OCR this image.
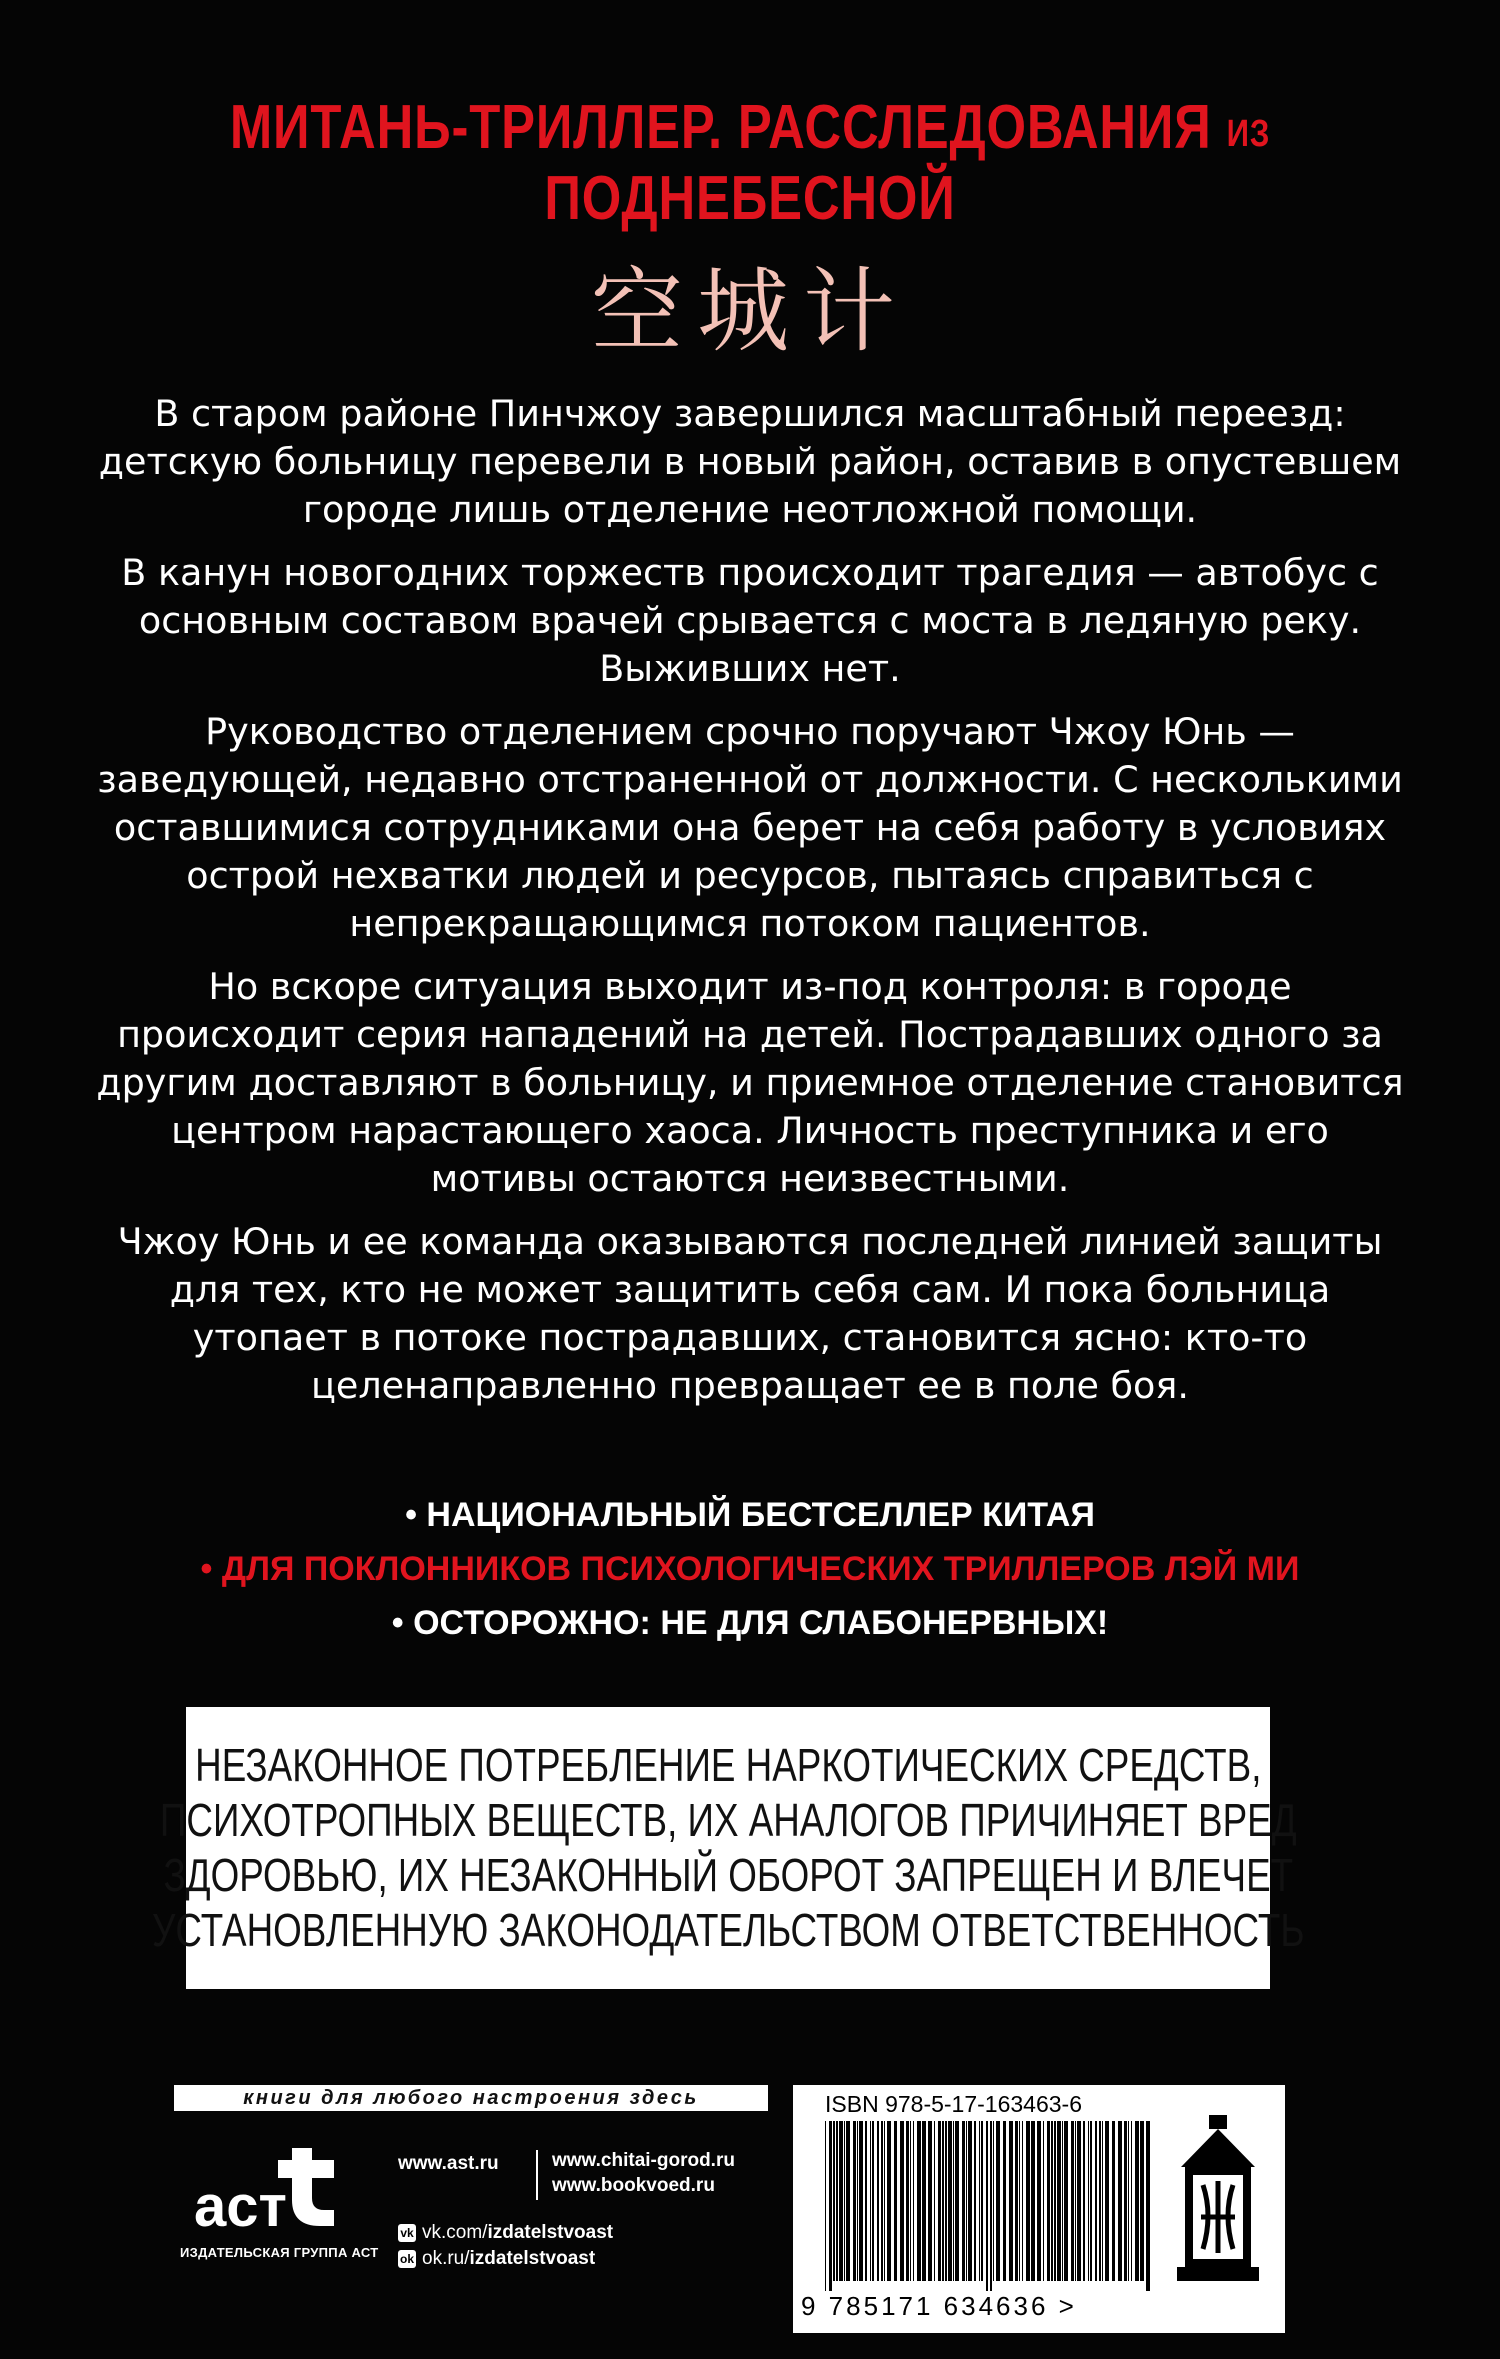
МИТАНЬ-ТРИЛЛЕР. РАССЛЕДОВАНИЯ ИЗ ПОДНЕБЕСНОЙ
空城计

В старом районе Пинчжоу завершился масштабный переезд: детскую больницу перевели в новый район, оставив в опустевшем городе лишь отделение неотложной помощи.

В канун новогодних торжеств происходит трагедия — автобус с основным составом врачей срывается с моста в ледяную реку. Выживших нет.

Руководство отделением срочно поручают Чжоу Юнь — заведующей, недавно отстраненной от должности. С несколькими оставшимися сотрудниками она берет на себя работу в условиях острой нехватки людей и ресурсов, пытаясь справиться с непрекращающимся потоком пациентов.

Но вскоре ситуация выходит из-под контроля: в городе происходит серия нападений на детей. Пострадавших одного за другим доставляют в больницу, и приемное отделение становится центром нарастающего хаоса. Личность преступника и его мотивы остаются неизвестными.

Чжоу Юнь и ее команда оказываются последней линией защиты для тех, кто не может защитить себя сам. И пока больница утопает в потоке пострадавших, становится ясно: кто-то целенаправленно превращает ее в поле боя.

• НАЦИОНАЛЬНЫЙ БЕСТСЕЛЛЕР КИТАЯ
• ДЛЯ ПОКЛОННИКОВ ПСИХОЛОГИЧЕСКИХ ТРИЛЛЕРОВ ЛЭЙ МИ
• ОСТОРОЖНО: НЕ ДЛЯ СЛАБОНЕРВНЫХ!
НЕЗАКОННОЕ ПОТРЕБЛЕНИЕ НАРКОТИЧЕСКИХ СРЕДСТВ,
ПСИХОТРОПНЫХ ВЕЩЕСТВ, ИХ АНАЛОГОВ ПРИЧИНЯЕТ ВРЕД
ЗДОРОВЬЮ, ИХ НЕЗАКОННЫЙ ОБОРОТ ЗАПРЕЩЕН И ВЛЕЧЕТ
УСТАНОВЛЕННУЮ ЗАКОНОДАТЕЛЬСТВОМ ОТВЕТСТВЕННОСТЬ
книги для любого настроения здесь
аст
ИЗДАТЕЛЬСКАЯ ГРУППА АСТ
www.ast.ru	www.chitai-gorod.ru
www.bookvoed.ru
vk vk.com/izdatelstvoast
ok ok.ru/izdatelstvoast
ISBN 978-5-17-163463-6
9 785171 634636 >
